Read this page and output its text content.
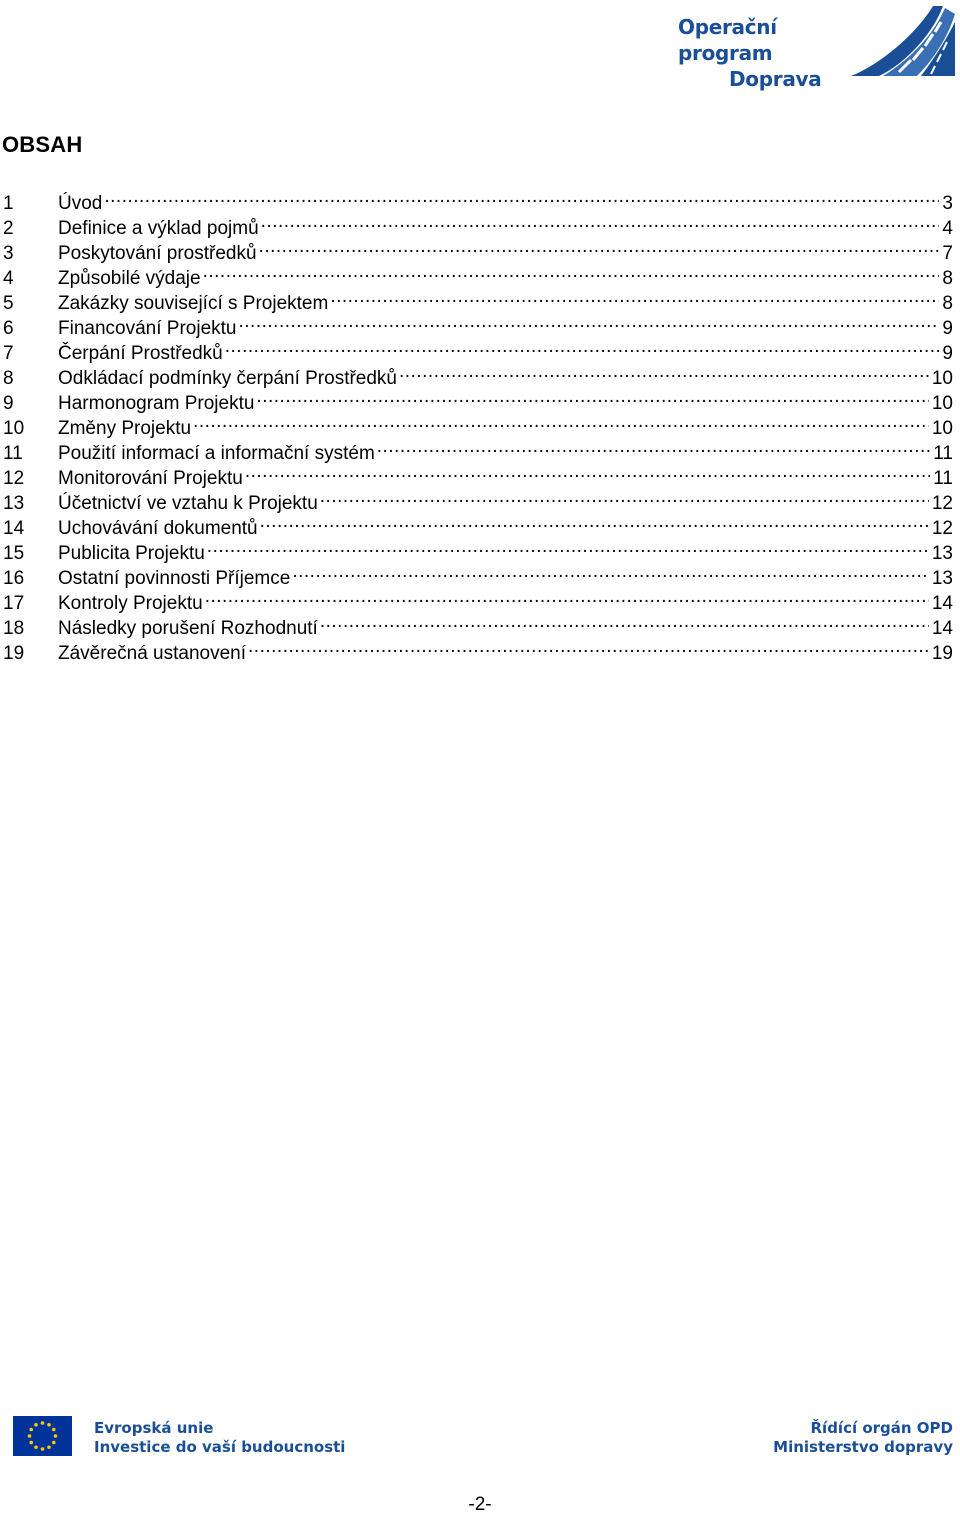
Operační program
Doprava
OBSAH
1	Úvod .....	3
2	Definice a výklad pojmů .....	4
3	Poskytování prostředků .....	7
4	Způsobilé výdaje .....	8
5	Zakázky související s Projektem .....	8
6	Financování Projektu .....	9
7	Čerpání Prostředků .....	9
8	Odkládací podmínky čerpání Prostředků .....	10
9	Harmonogram Projektu .....	10
10	Změny Projektu .....	10
11	Použití informací a informační systém .....	11
12	Monitorování Projektu .....	11
13	Účetnictví ve vztahu k Projektu .....	12
14	Uchovávání dokumentů .....	12
15	Publicita Projektu .....	13
16	Ostatní povinnosti Příjemce .....	13
17	Kontroly Projektu .....	14
18	Následky porušení Rozhodnutí .....	14
19	Závěrečná ustanovení .....	19
Evropská unie
Investice do vaší budoucnosti
Řídící orgán OPD
Ministerstvo dopravy
-2-
